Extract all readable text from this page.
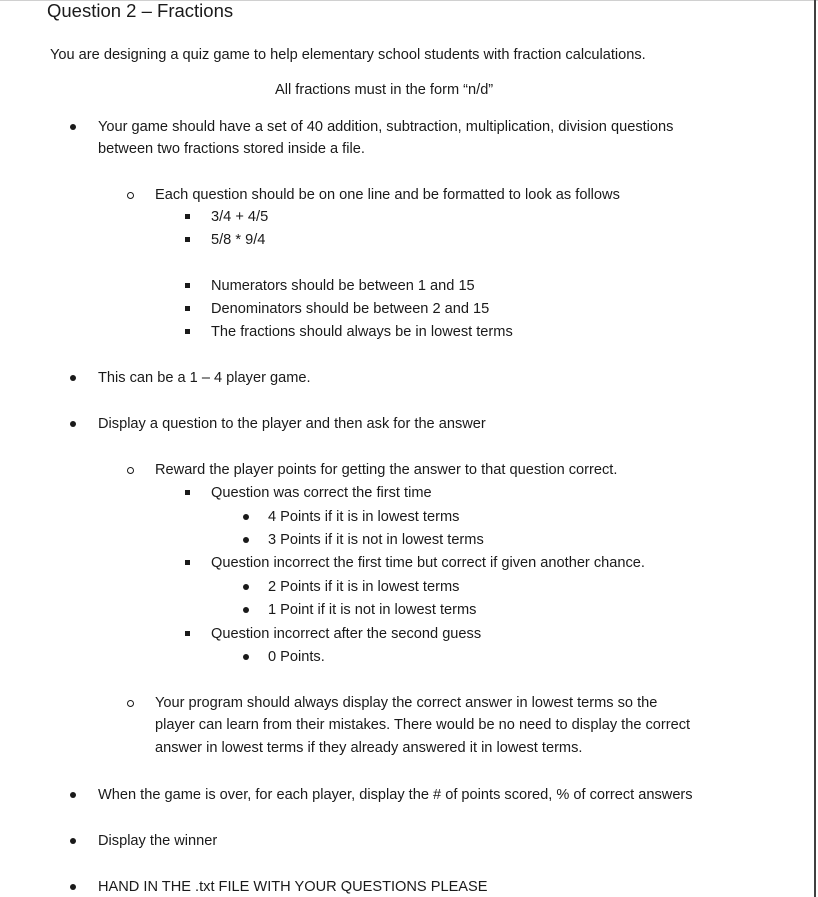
Question 2 – Fractions
You are designing a quiz game to help elementary school students with fraction calculations.
All fractions must in the form “n/d”
Your game should have a set of 40 addition, subtraction, multiplication, division questions
between two fractions stored inside a file.
Each question should be on one line and be formatted to look as follows
3/4 + 4/5
5/8 * 9/4
Numerators should be between 1 and 15
Denominators should be between 2 and 15
The fractions should always be in lowest terms
This can be a 1 – 4 player game.
Display a question to the player and then ask for the answer
Reward the player points for getting the answer to that question correct.
Question was correct the first time
4 Points if it is in lowest terms
3 Points if it is not in lowest terms
Question incorrect the first time but correct if given another chance.
2 Points if it is in lowest terms
1 Point if it is not in lowest terms
Question incorrect after the second guess
0 Points.
Your program should always display the correct answer in lowest terms so the
player can learn from their mistakes. There would be no need to display the correct
answer in lowest terms if they already answered it in lowest terms.
When the game is over, for each player, display the # of points scored, % of correct answers
Display the winner
HAND IN THE .txt FILE WITH YOUR QUESTIONS PLEASE
